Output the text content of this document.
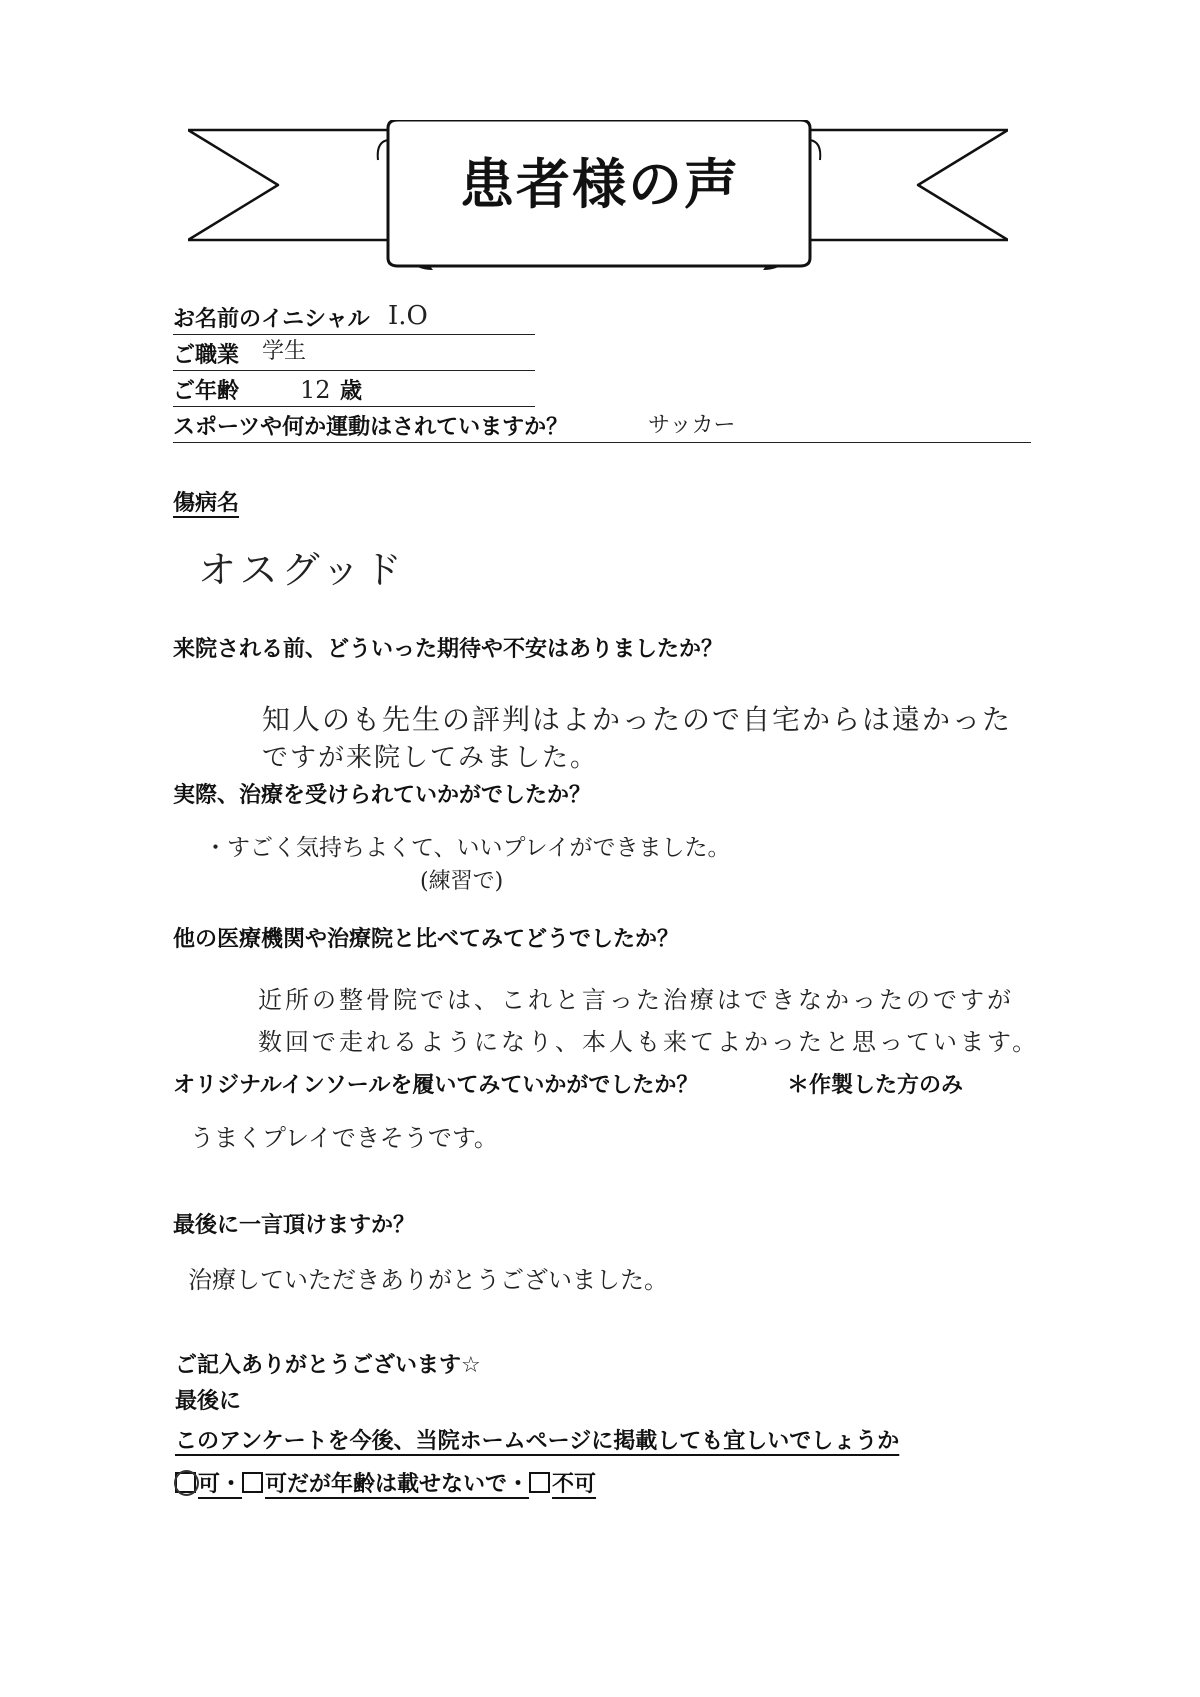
患者様の声
お名前のイニシャル I.O
ご職業 学生
ご年齢	12 歳
スポーツや何か運動はされていますか？	サッカー
傷病名
オスグッド
来院される前、どういった期待や不安はありましたか？
知人のも先生の評判はよかったので自宅からは遠かった
ですが来院してみました。
実際、治療を受けられていかがでしたか？
・すごく気持ちよくて、いいプレイができました。
(練習で)
他の医療機関や治療院と比べてみてどうでしたか？
近所の整骨院では、これと言った治療はできなかったのですが
数回で走れるようになり、本人も来てよかったと思っています。
オリジナルインソールを履いてみていかがでしたか？	＊作製した方のみ
うまくプレイできそうです。
最後に一言頂けますか？
治療していただきありがとうございました。
ご記入ありがとうございます☆
最後に
このアンケートを今後、当院ホームページに掲載しても宜しいでしょうか
可・ 可だが年齢は載せないで・ 不可
